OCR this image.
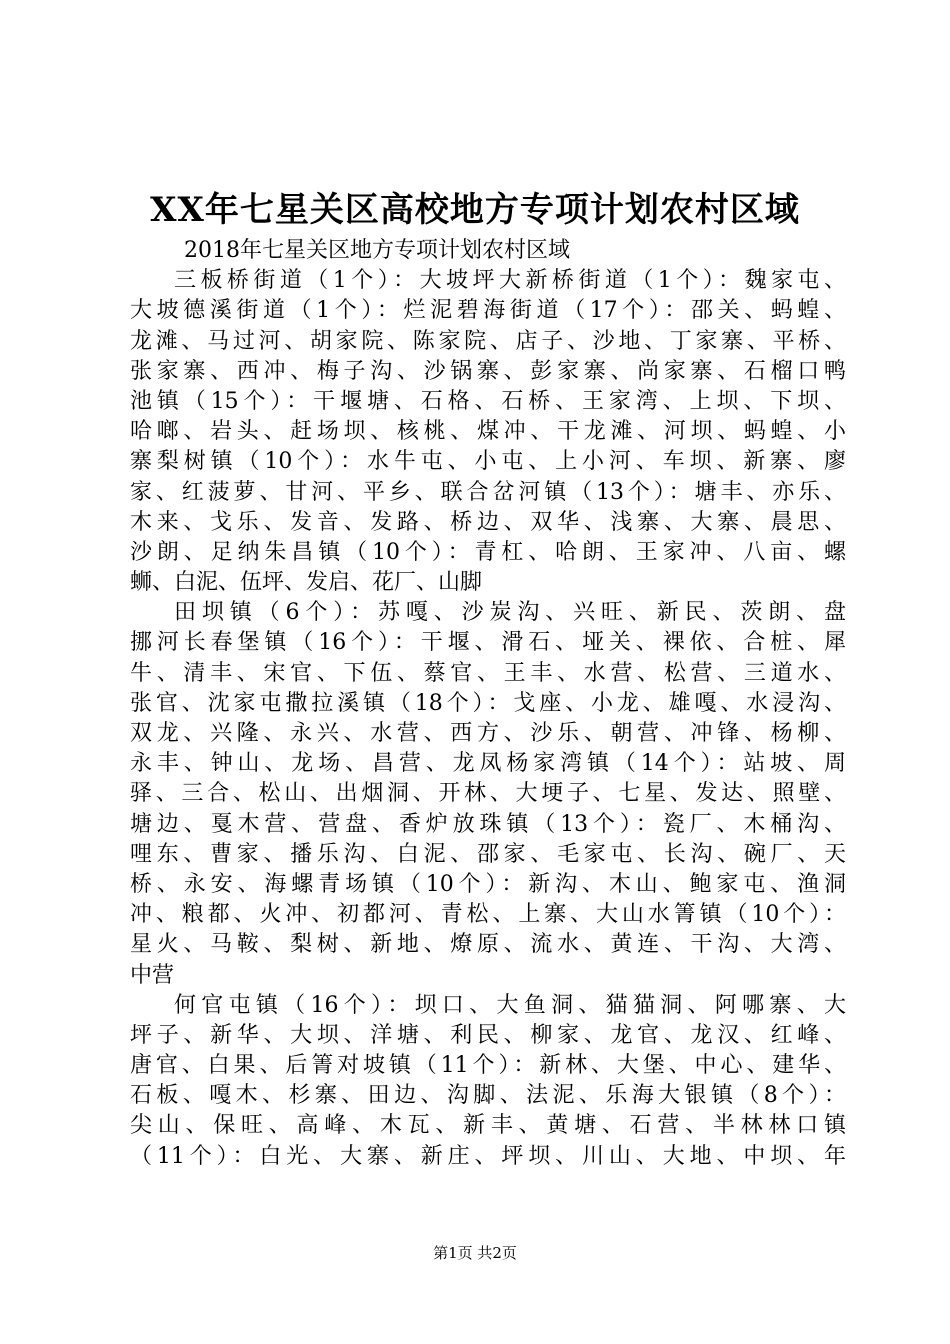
XX年七星关区高校地方专项计划农村区域
2018年七星关区地方专项计划农村区域
三板桥街道（1个）：大坡坪大新桥街道（1个）：魏家屯、
大坡德溪街道（1个）：烂泥碧海街道（17个）：邵关、蚂蝗、
龙滩、马过河、胡家院、陈家院、店子、沙地、丁家寨、平桥、
张家寨、西冲、梅子沟、沙锅寨、彭家寨、尚家寨、石榴口鸭
池镇（15个）：干堰塘、石格、石桥、王家湾、上坝、下坝、
哈啷、岩头、赶场坝、核桃、煤冲、干龙滩、河坝、蚂蝗、小
寨梨树镇（10个）：水牛屯、小屯、上小河、车坝、新寨、廖
家、红菠萝、甘河、平乡、联合岔河镇（13个）：塘丰、亦乐、
木来、戈乐、发音、发路、桥边、双华、浅寨、大寨、晨思、
沙朗、足纳朱昌镇（10个）：青杠、哈朗、王家冲、八亩、螺
蛳、白泥、伍坪、发启、花厂、山脚
田坝镇（6个）：苏嘎、沙炭沟、兴旺、新民、茨朗、盘
挪河长春堡镇（16个）：干堰、滑石、垭关、裸依、合桩、犀
牛、清丰、宋官、下伍、蔡官、王丰、水营、松营、三道水、
张官、沈家屯撒拉溪镇（18个）：戈座、小龙、雄嘎、水浸沟、
双龙、兴隆、永兴、水营、西方、沙乐、朝营、冲锋、杨柳、
永丰、钟山、龙场、昌营、龙凤杨家湾镇（14个）：站坡、周
驿、三合、松山、出烟洞、开林、大埂子、七星、发达、照壁、
塘边、戛木营、营盘、香炉放珠镇（13个）：瓷厂、木桶沟、
哩东、曹家、播乐沟、白泥、邵家、毛家屯、长沟、碗厂、天
桥、永安、海螺青场镇（10个）：新沟、木山、鲍家屯、渔洞
冲、粮都、火冲、初都河、青松、上寨、大山水箐镇（10个）：
星火、马鞍、梨树、新地、燎原、流水、黄连、干沟、大湾、
中营
何官屯镇（16个）：坝口、大鱼洞、猫猫洞、阿哪寨、大
坪子、新华、大坝、洋塘、利民、柳家、龙官、龙汉、红峰、
唐官、白果、后箐对坡镇（11个）：新林、大堡、中心、建华、
石板、嘎木、杉寨、田边、沟脚、法泥、乐海大银镇（8个）：
尖山、保旺、高峰、木瓦、新丰、黄塘、石营、半林林口镇
（11个）：白光、大寨、新庄、坪坝、川山、大地、中坝、年
第1页 共2页
